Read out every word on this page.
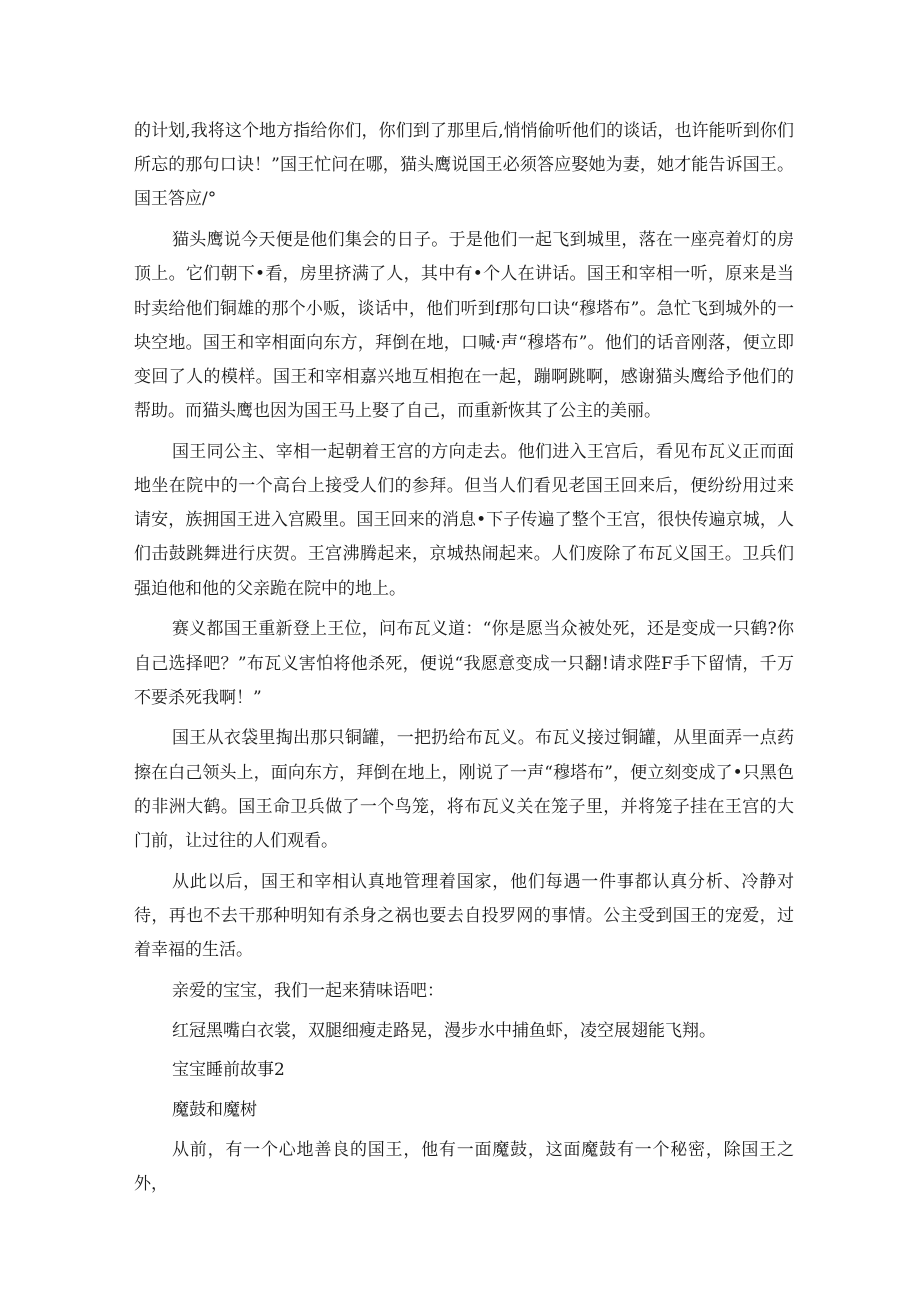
的计划,我将这个地方指给你们，你们到了那里后,悄悄偷听他们的谈话，也许能听到你们所忘的那句口诀！”国王忙问在哪，猫头鹰说国王必须答应娶她为妻，她才能告诉国王。国王答应/°

猫头鹰说今天便是他们集会的日子。于是他们一起飞到城里，落在一座亮着灯的房顶上。它们朝下•看，房里挤满了人，其中有•个人在讲话。国王和宰相一听，原来是当时卖给他们铜雄的那个小贩，谈话中，他们听到f那句口诀“穆塔布”。急忙飞到城外的一块空地。国王和宰相面向东方，拜倒在地，口喊·声“穆塔布”。他们的话音刚落，便立即变回了人的模样。国王和宰相嘉兴地互相抱在一起，蹦啊跳啊，感谢猫头鹰给予他们的帮助。而猫头鹰也因为国王马上娶了自己，而重新恢其了公主的美丽。

国王同公主、宰相一起朝着王宫的方向走去。他们进入王宫后，看见布瓦义正而面地坐在院中的一个高台上接受人们的参拜。但当人们看见老国王回来后，便纷纷用过来请安，族拥国王进入宫殿里。国王回来的消息•下子传遍了整个王宫，很快传遍京城，人们击鼓跳舞进行庆贺。王宫沸腾起来，京城热闹起来。人们废除了布瓦义国王。卫兵们强迫他和他的父亲跪在院中的地上。

赛义都国王重新登上王位，问布瓦义道：“你是愿当众被处死，还是变成一只鹤?你自己选择吧？”布瓦义害怕将他杀死，便说“我愿意变成一只翻!请求陛F手下留情，千万不要杀死我啊！”

国王从衣袋里掏出那只铜罐，一把扔给布瓦义。布瓦义接过铜罐，从里面弄一点药擦在白己领头上，面向东方，拜倒在地上，刚说了一声“穆塔布”，便立刻变成了•只黑色的非洲大鹤。国王命卫兵做了一个鸟笼，将布瓦义关在笼子里，并将笼子挂在王宫的大门前，让过往的人们观看。

从此以后，国王和宰相认真地管理着国家，他们每遇一件事都认真分析、冷静对待，再也不去干那种明知有杀身之祸也要去自投罗网的事情。公主受到国王的宠爱，过着幸福的生活。

亲爱的宝宝，我们一起来猜味语吧：

红冠黑嘴白衣裳，双腿细瘦走路晃，漫步水中捕鱼虾，凌空展翅能飞翔。

宝宝睡前故事2

魔鼓和魔树

从前，有一个心地善良的国王，他有一面魔鼓，这面魔鼓有一个秘密，除国王之外，
